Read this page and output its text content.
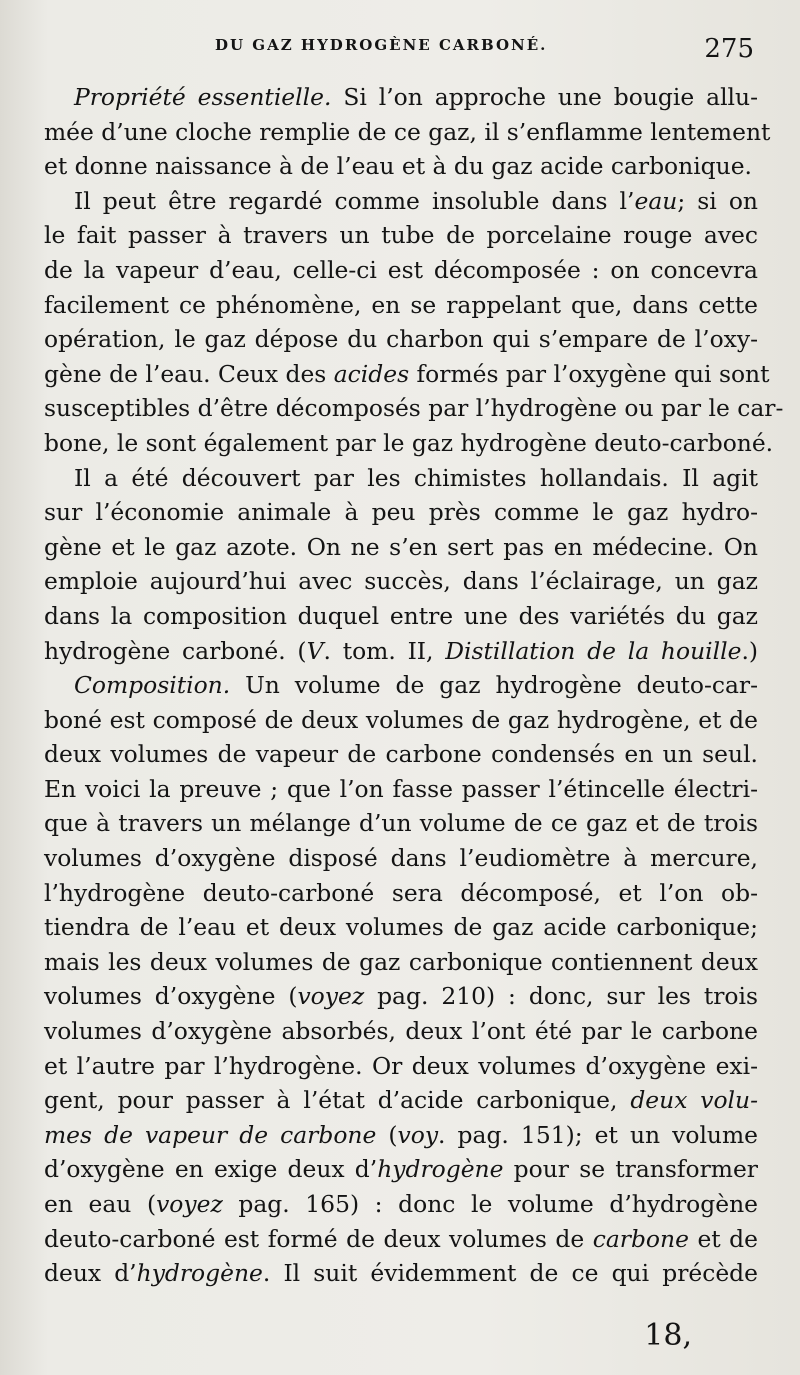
DU GAZ HYDROGÈNE CARBONÉ.	275
Propriété essentielle. Si l’on approche une bougie allu-
mée d’une cloche remplie de ce gaz, il s’enflamme lentement
et donne naissance à de l’eau et à du gaz acide carbonique.
Il peut être regardé comme insoluble dans l’eau; si on
le fait passer à travers un tube de porcelaine rouge avec
de la vapeur d’eau, celle-ci est décomposée : on concevra
facilement ce phénomène, en se rappelant que, dans cette
opération, le gaz dépose du charbon qui s’empare de l’oxy-
gène de l’eau. Ceux des acides formés par l’oxygène qui sont
susceptibles d’être décomposés par l’hydrogène ou par le car-
bone, le sont également par le gaz hydrogène deuto-carboné.
Il a été découvert par les chimistes hollandais. Il agit
sur l’économie animale à peu près comme le gaz hydro-
gène et le gaz azote. On ne s’en sert pas en médecine. On
emploie aujourd’hui avec succès, dans l’éclairage, un gaz
dans la composition duquel entre une des variétés du gaz
hydrogène carboné. (V. tom. II, Distillation de la houille.)
Composition. Un volume de gaz hydrogène deuto-car-
boné est composé de deux volumes de gaz hydrogène, et de
deux volumes de vapeur de carbone condensés en un seul.
En voici la preuve ; que l’on fasse passer l’étincelle électri-
que à travers un mélange d’un volume de ce gaz et de trois
volumes d’oxygène disposé dans l’eudiomètre à mercure,
l’hydrogène deuto-carboné sera décomposé, et l’on ob-
tiendra de l’eau et deux volumes de gaz acide carbonique;
mais les deux volumes de gaz carbonique contiennent deux
volumes d’oxygène (voyez pag. 210) : donc, sur les trois
volumes d’oxygène absorbés, deux l’ont été par le carbone
et l’autre par l’hydrogène. Or deux volumes d’oxygène exi-
gent, pour passer à l’état d’acide carbonique, deux volu-
mes de vapeur de carbone (voy. pag. 151); et un volume
d’oxygène en exige deux d’hydrogène pour se transformer
en eau (voyez pag. 165) : donc le volume d’hydrogène
deuto-carboné est formé de deux volumes de carbone et de
deux d’hydrogène. Il suit évidemment de ce qui précède
18,
